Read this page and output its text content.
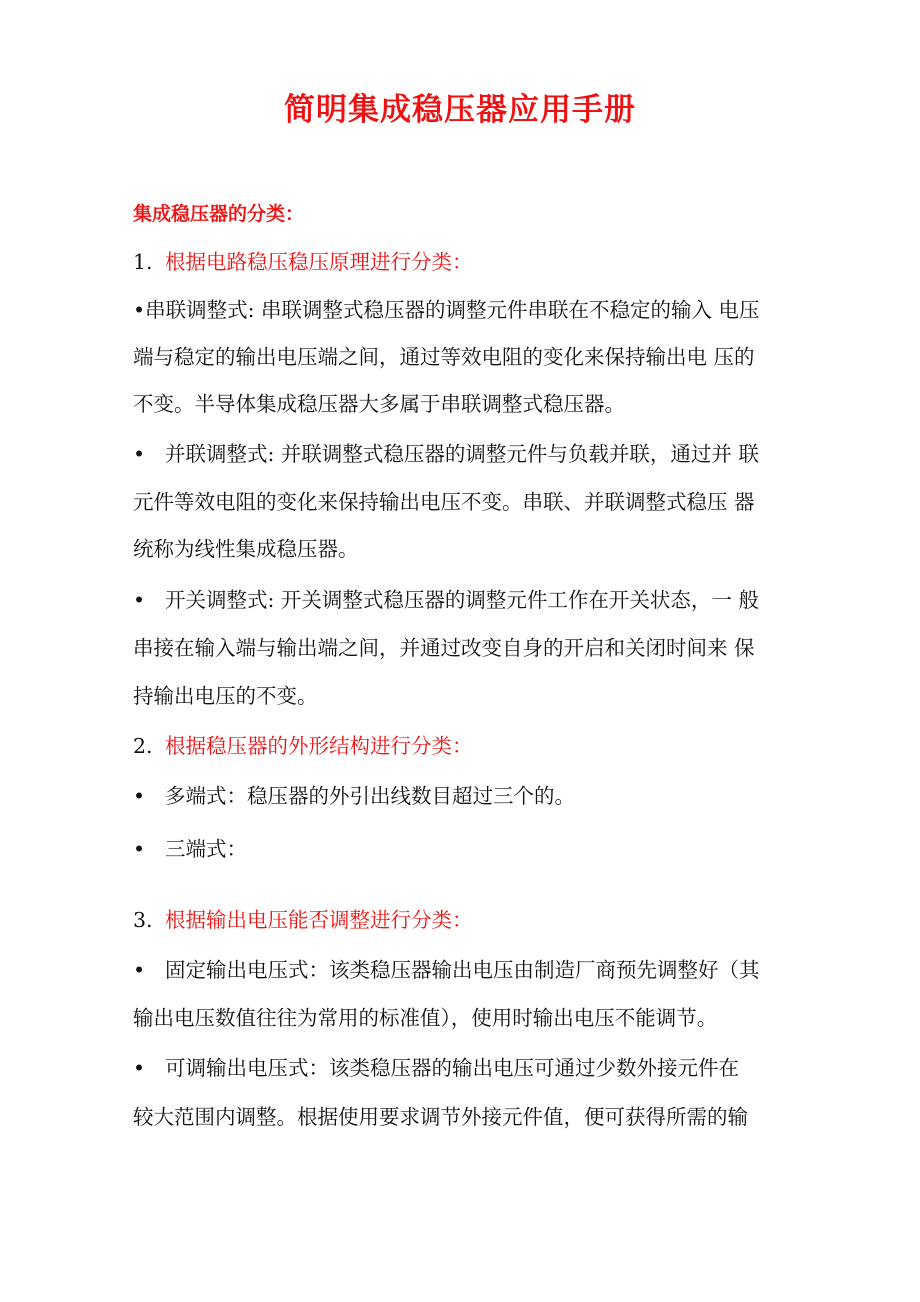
简明集成稳压器应用手册
集成稳压器的分类：
1. 根据电路稳压稳压原理进行分类：
•串联调整式: 串联调整式稳压器的调整元件串联在不稳定的输入 电压
端与稳定的输出电压端之间，通过等效电阻的变化来保持输出电 压的
不变。半导体集成稳压器大多属于串联调整式稳压器。
• 并联调整式: 并联调整式稳压器的调整元件与负载并联，通过并 联
元件等效电阻的变化来保持输出电压不变。串联、并联调整式稳压 器
统称为线性集成稳压器。
• 开关调整式: 开关调整式稳压器的调整元件工作在开关状态，一 般
串接在输入端与输出端之间，并通过改变自身的开启和关闭时间来 保
持输出电压的不变。
2. 根据稳压器的外形结构进行分类：
• 多端式：稳压器的外引出线数目超过三个的。
• 三端式：
3. 根据输出电压能否调整进行分类：
• 固定输出电压式：该类稳压器输出电压由制造厂商预先调整好（其
输出电压数值往往为常用的标准值），使用时输出电压不能调节。
• 可调输出电压式：该类稳压器的输出电压可通过少数外接元件在
较大范围内调整。根据使用要求调节外接元件值，便可获得所需的输
